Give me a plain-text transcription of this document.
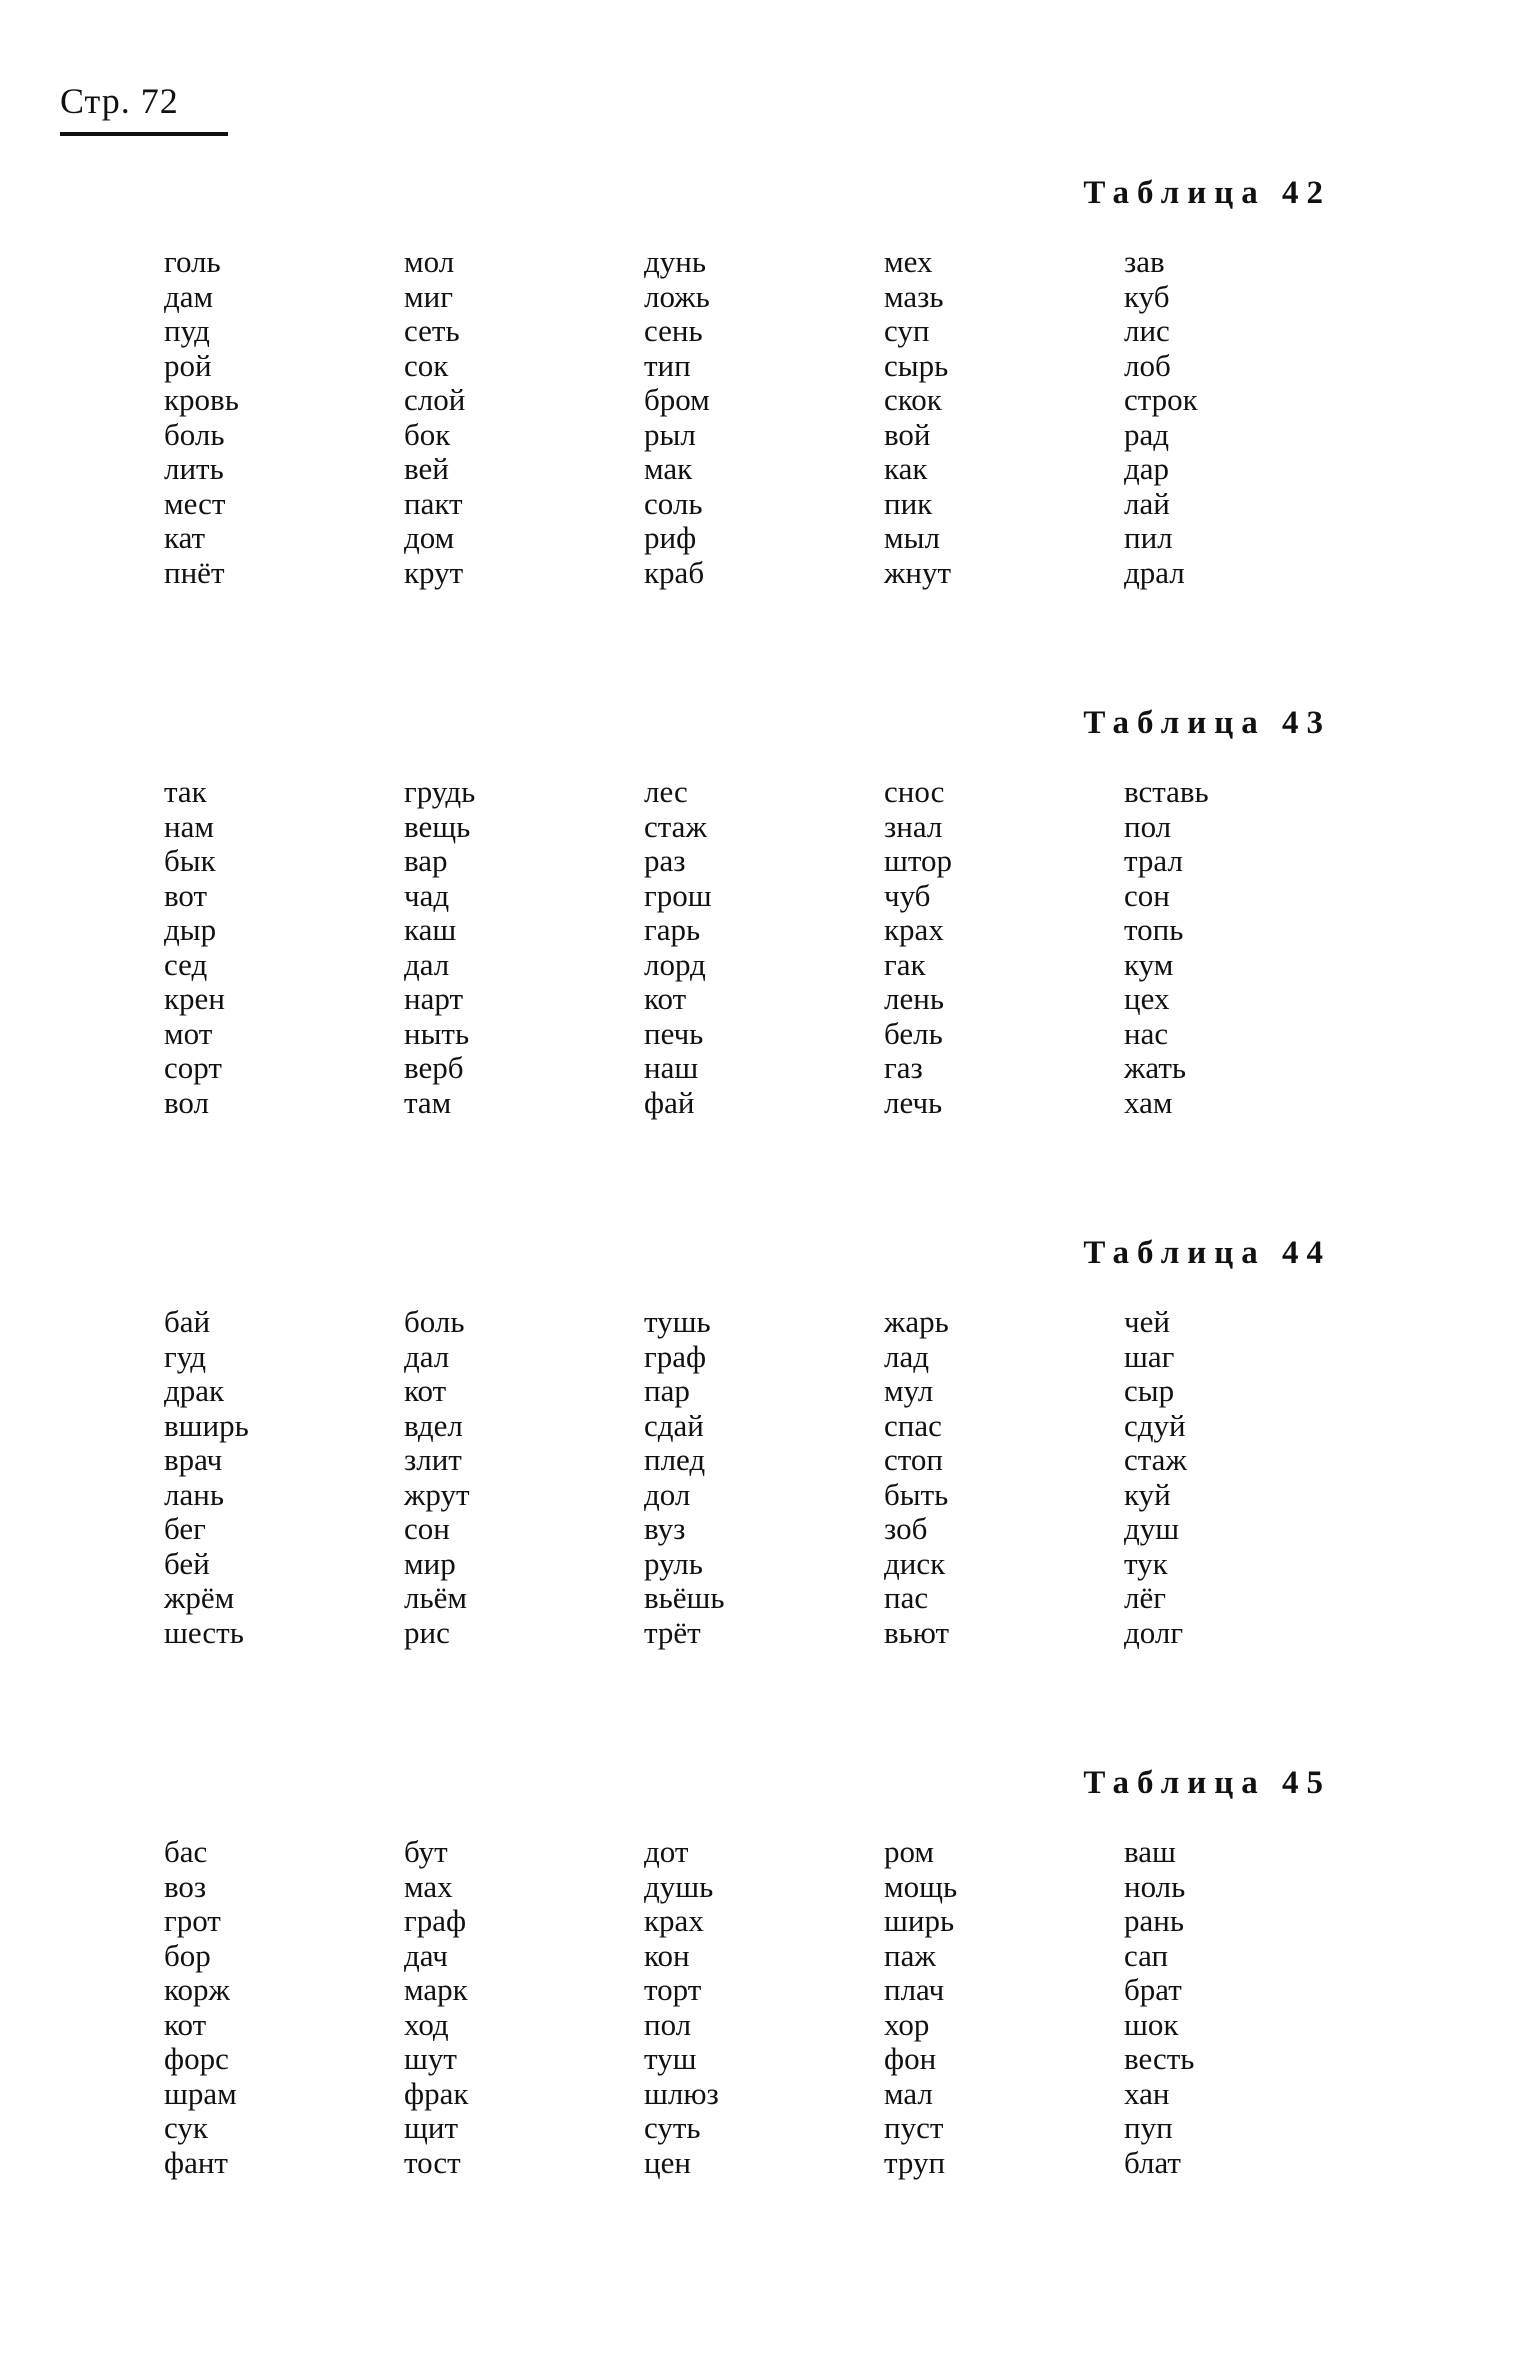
Стр. 72
Таблица 42
голь
дам
пуд
рой
кровь
боль
лить
мест
кат
пнёт
мол
миг
сеть
сок
слой
бок
вей
пакт
дом
крут
дунь
ложь
сень
тип
бром
рыл
мак
соль
риф
краб
мех
мазь
суп
сырь
скок
вой
как
пик
мыл
жнут
зав
куб
лис
лоб
строк
рад
дар
лай
пил
драл
Таблица 43
так
нам
бык
вот
дыр
сед
крен
мот
сорт
вол
грудь
вещь
вар
чад
каш
дал
нарт
ныть
верб
там
лес
стаж
раз
грош
гарь
лорд
кот
печь
наш
фай
снос
знал
штор
чуб
крах
гак
лень
бель
газ
лечь
вставь
пол
трал
сон
топь
кум
цех
нас
жать
хам
Таблица 44
бай
гуд
драк
вширь
врач
лань
бег
бей
жрём
шесть
боль
дал
кот
вдел
злит
жрут
сон
мир
льём
рис
тушь
граф
пар
сдай
плед
дол
вуз
руль
вьёшь
трёт
жарь
лад
мул
спас
стоп
быть
зоб
диск
пас
вьют
чей
шаг
сыр
сдуй
стаж
куй
душ
тук
лёг
долг
Таблица 45
бас
воз
грот
бор
корж
кот
форс
шрам
сук
фант
бут
мах
граф
дач
марк
ход
шут
фрак
щит
тост
дот
душь
крах
кон
торт
пол
туш
шлюз
суть
цен
ром
мощь
ширь
паж
плач
хор
фон
мал
пуст
труп
ваш
ноль
рань
сап
брат
шок
весть
хан
пуп
блат
